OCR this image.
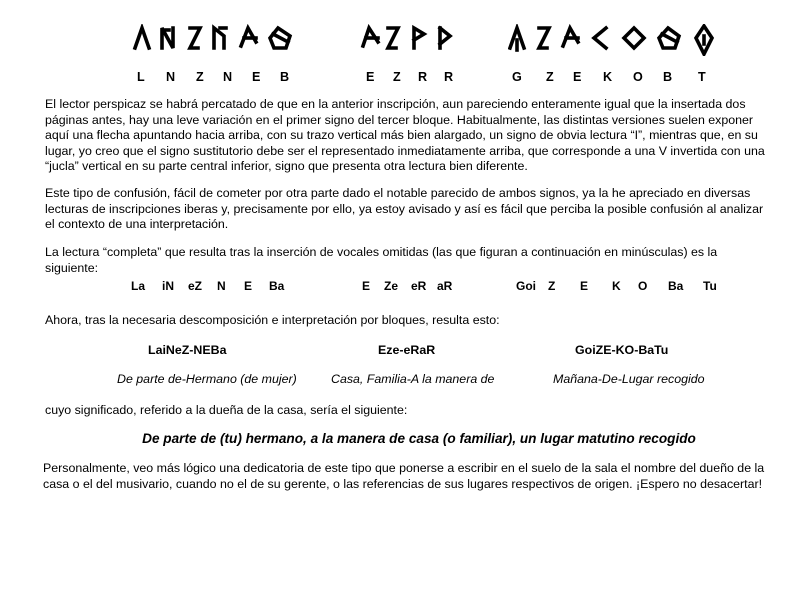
L N Z N E B	E Z R R	G Z E K O B T

El lector perspicaz se habrá percatado de que en la anterior inscripción, aun pareciendo enteramente igual que la insertada dos páginas antes, hay una leve variación en el primer signo del tercer bloque. Habitualmente, las distintas versiones suelen exponer aquí una flecha apuntando hacia arriba, con su trazo vertical más bien alargado, un signo de obvia lectura “I”, mientras que, en su lugar, yo creo que el signo sustitutorio debe ser el representado inmediatamente arriba, que corresponde a una V invertida con una “jucla” vertical en su parte central inferior, signo que presenta otra lectura bien diferente.

Este tipo de confusión, fácil de cometer por otra parte dado el notable parecido de ambos signos, ya la he apreciado en diversas lecturas de inscripciones iberas y, precisamente por ello, ya estoy avisado y así es fácil que perciba la posible confusión al analizar el contexto de una interpretación.

La lectura “completa” que resulta tras la inserción de vocales omitidas (las que figuran a continuación en minúsculas) es la siguiente:

La iN eZ N E Ba	E Ze eR aR	Goi Z E K O Ba Tu

Ahora, tras la necesaria descomposición e interpretación por bloques, resulta esto:

LaiNeZ-NEBa	Eze-eRaR	GoiZE-KO-BaTu
De parte de-Hermano (de mujer)	Casa, Familia-A la manera de	Mañana-De-Lugar recogido

cuyo significado, referido a la dueña de la casa, sería el siguiente:

De parte de (tu) hermano, a la manera de casa (o familiar), un lugar matutino recogido

Personalmente, veo más lógico una dedicatoria de este tipo que ponerse a escribir en el suelo de la sala el nombre del dueño de la casa o el del musivario, cuando no el de su gerente, o las referencias de sus lugares respectivos de origen. ¡Espero no desacertar!
